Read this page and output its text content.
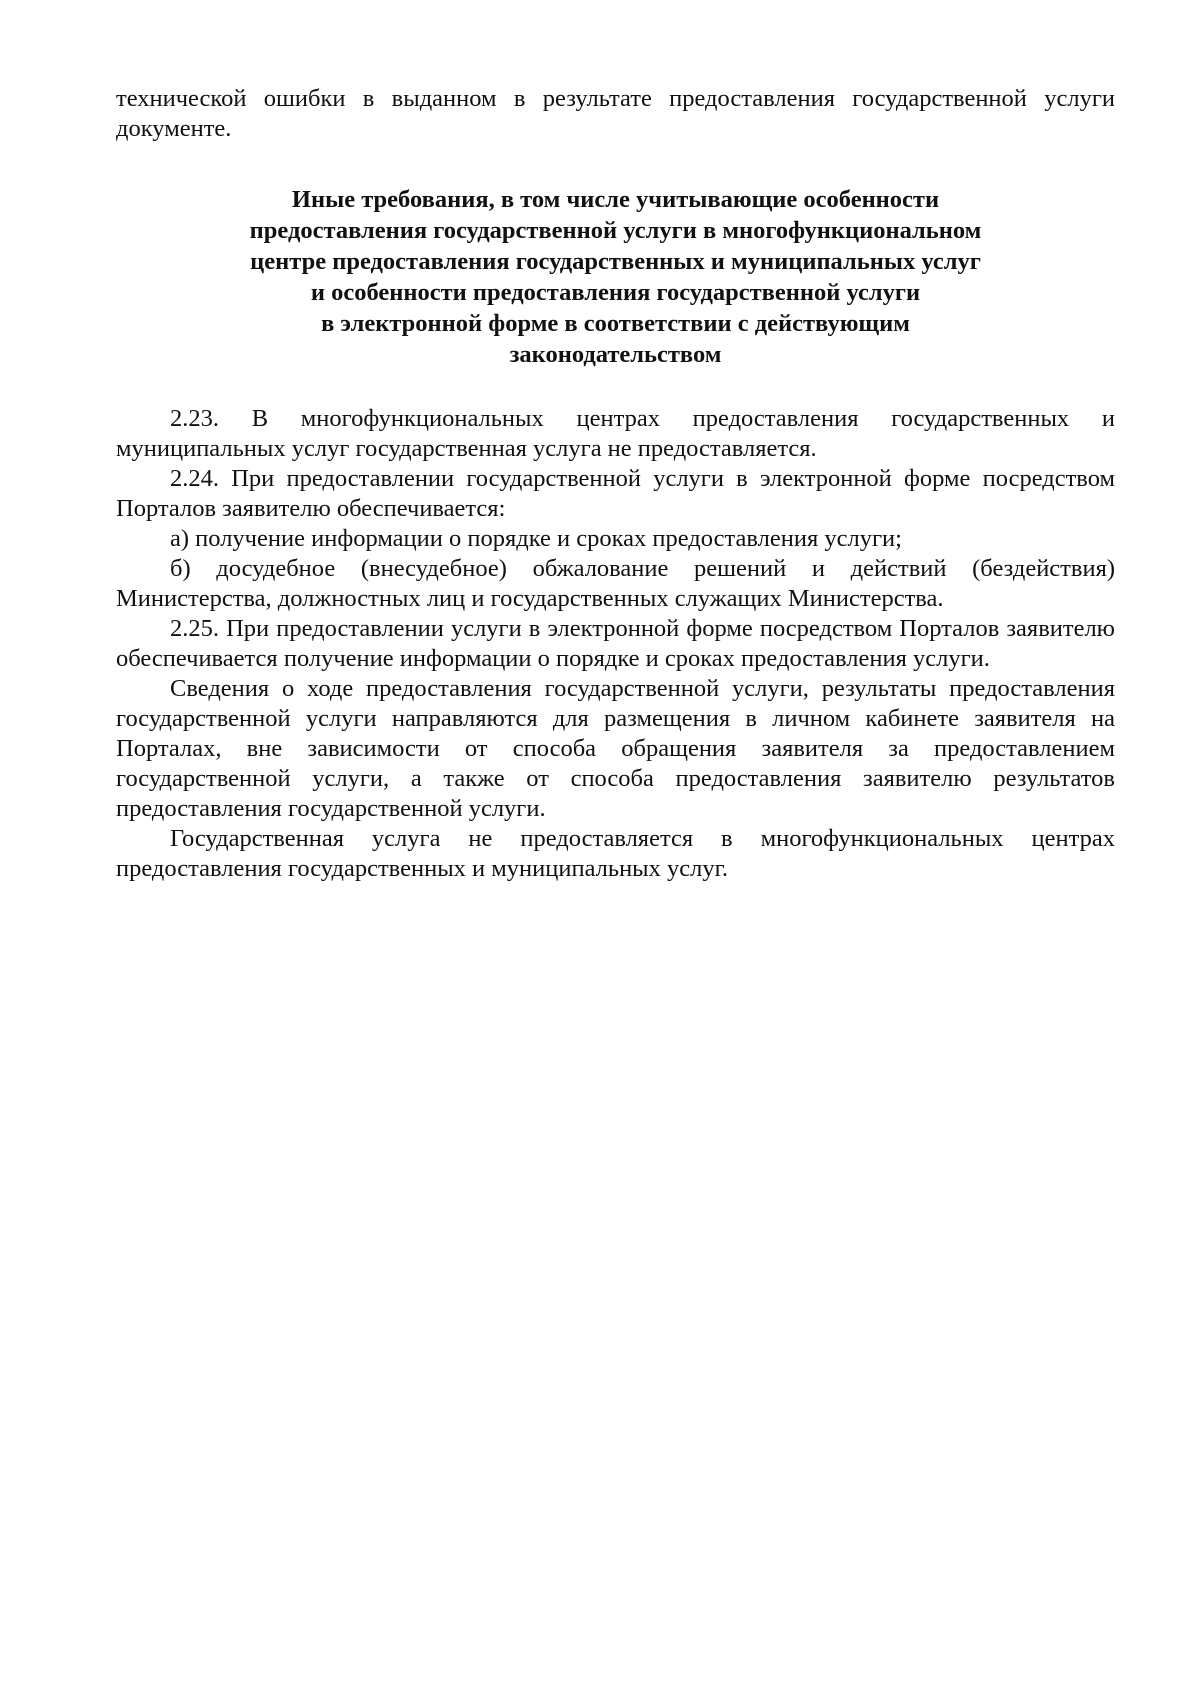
технической ошибки в выданном в результате предоставления государственной услуги документе.

Иные требования, в том числе учитывающие особенности
предоставления государственной услуги в многофункциональном
центре предоставления государственных и муниципальных услуг
и особенности предоставления государственной услуги
в электронной форме в соответствии с действующим
законодательством

2.23. В многофункциональных центрах предоставления государственных и муниципальных услуг государственная услуга не предоставляется.

2.24. При предоставлении государственной услуги в электронной форме посредством Порталов заявителю обеспечивается:

а) получение информации о порядке и сроках предоставления услуги;

б) досудебное (внесудебное) обжалование решений и действий (бездействия) Министерства, должностных лиц и государственных служащих Министерства.

2.25. При предоставлении услуги в электронной форме посредством Порталов заявителю обеспечивается получение информации о порядке и сроках предоставления услуги.

Сведения о ходе предоставления государственной услуги, результаты предоставления государственной услуги направляются для размещения в личном кабинете заявителя на Порталах, вне зависимости от способа обращения заявителя за предоставлением государственной услуги, а также от способа предоставления заявителю результатов предоставления государственной услуги.

Государственная услуга не предоставляется в многофункциональных центрах предоставления государственных и муниципальных услуг.
